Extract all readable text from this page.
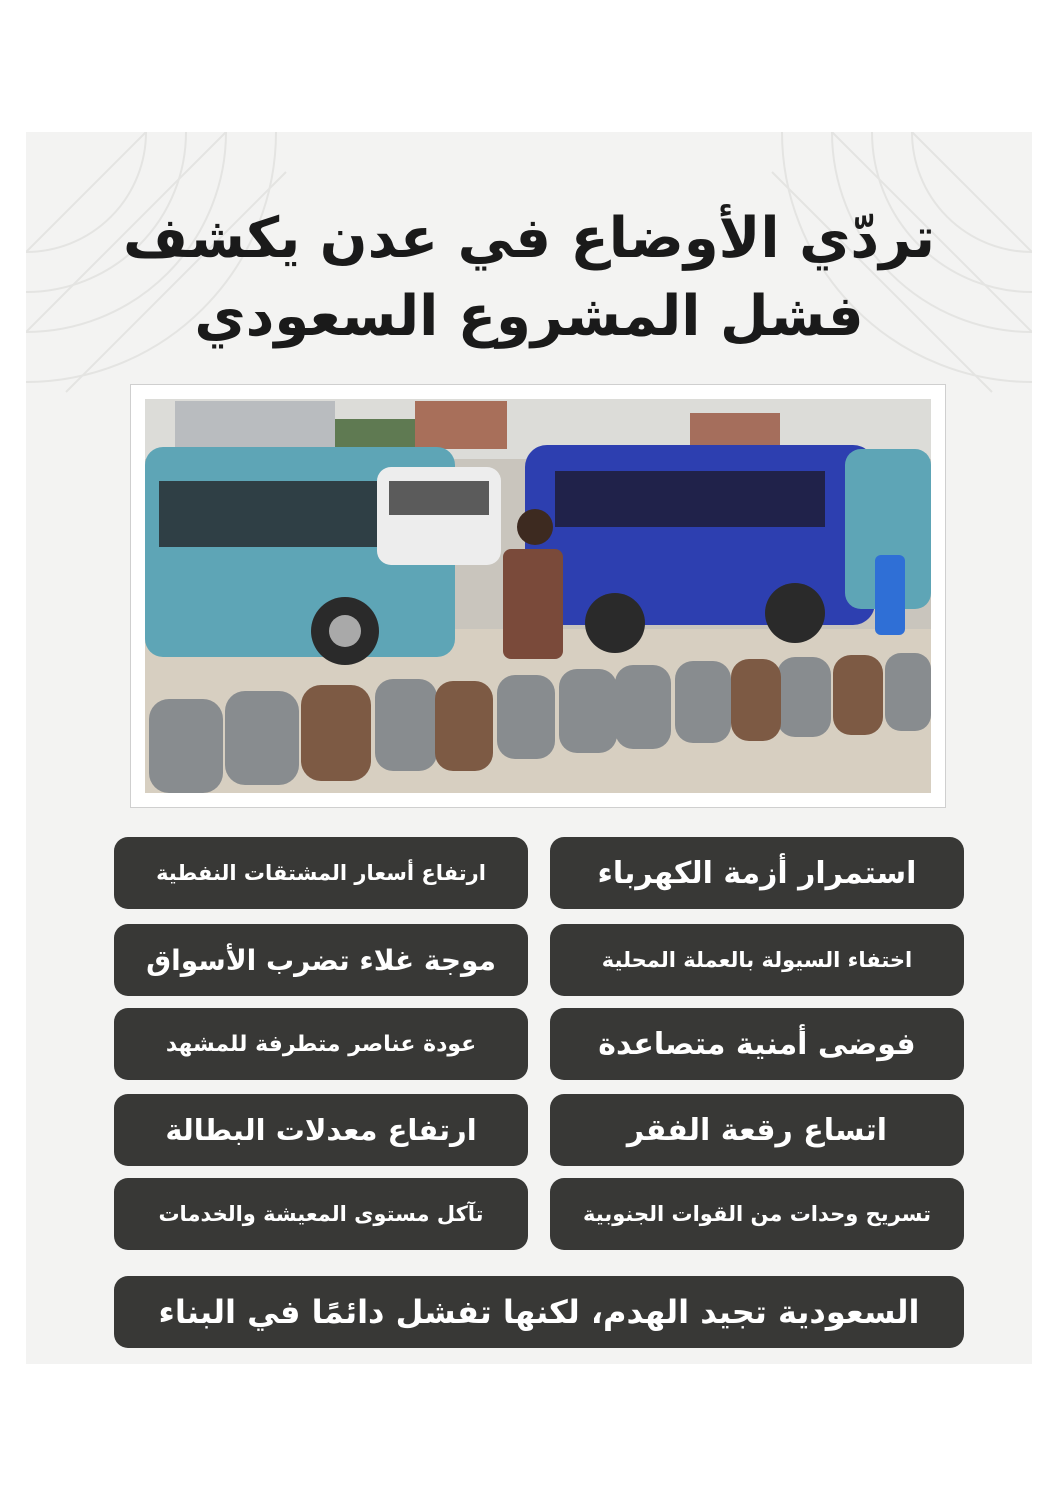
تردّي الأوضاع في عدن يكشف
فشل المشروع السعودي
استمرار أزمة الكهرباء
ارتفاع أسعار المشتقات النفطية
اختفاء السيولة بالعملة المحلية
موجة غلاء تضرب الأسواق
فوضى أمنية متصاعدة
عودة عناصر متطرفة للمشهد
اتساع رقعة الفقر
ارتفاع معدلات البطالة
تسريح وحدات من القوات الجنوبية
تآكل مستوى المعيشة والخدمات
السعودية تجيد الهدم، لكنها تفشل دائمًا في البناء
